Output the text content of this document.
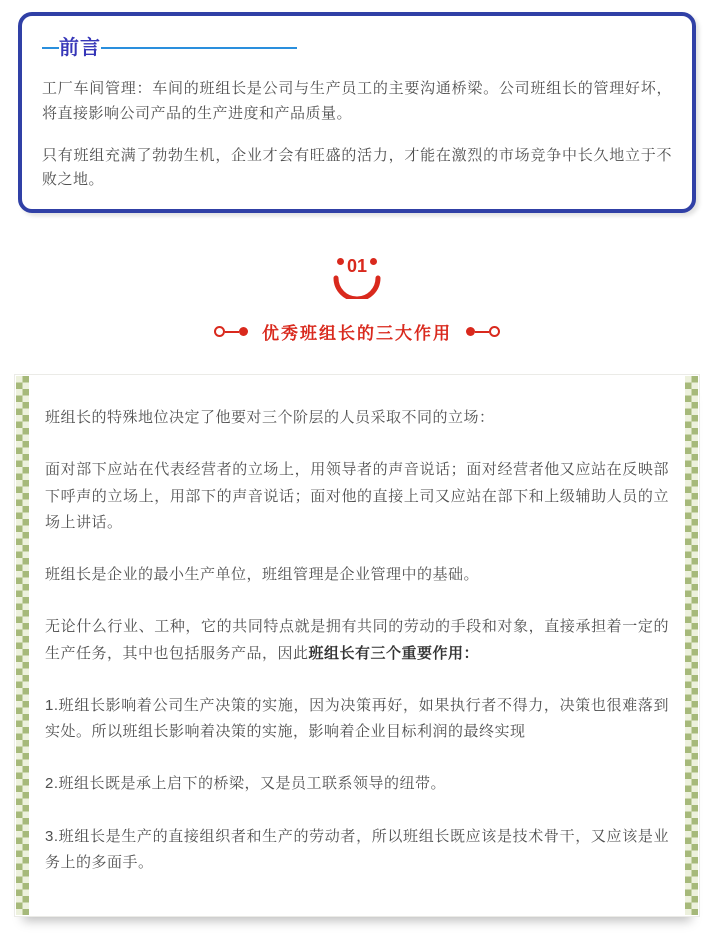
前言

工厂车间管理：车间的班组长是公司与生产员工的主要沟通桥梁。公司班组长的管理好坏，将直接影响公司产品的生产进度和产品质量。

只有班组充满了勃勃生机，企业才会有旺盛的活力，才能在激烈的市场竞争中长久地立于不败之地。

01
优秀班组长的三大作用

班组长的特殊地位决定了他要对三个阶层的人员采取不同的立场：

面对部下应站在代表经营者的立场上，用领导者的声音说话；面对经营者他又应站在反映部下呼声的立场上，用部下的声音说话；面对他的直接上司又应站在部下和上级辅助人员的立场上讲话。

班组长是企业的最小生产单位，班组管理是企业管理中的基础。

无论什么行业、工种，它的共同特点就是拥有共同的劳动的手段和对象，直接承担着一定的生产任务，其中也包括服务产品，因此班组长有三个重要作用：

1.班组长影响着公司生产决策的实施，因为决策再好，如果执行者不得力，决策也很难落到实处。所以班组长影响着决策的实施，影响着企业目标利润的最终实现

2.班组长既是承上启下的桥梁，又是员工联系领导的纽带。

3.班组长是生产的直接组织者和生产的劳动者，所以班组长既应该是技术骨干，又应该是业务上的多面手。
